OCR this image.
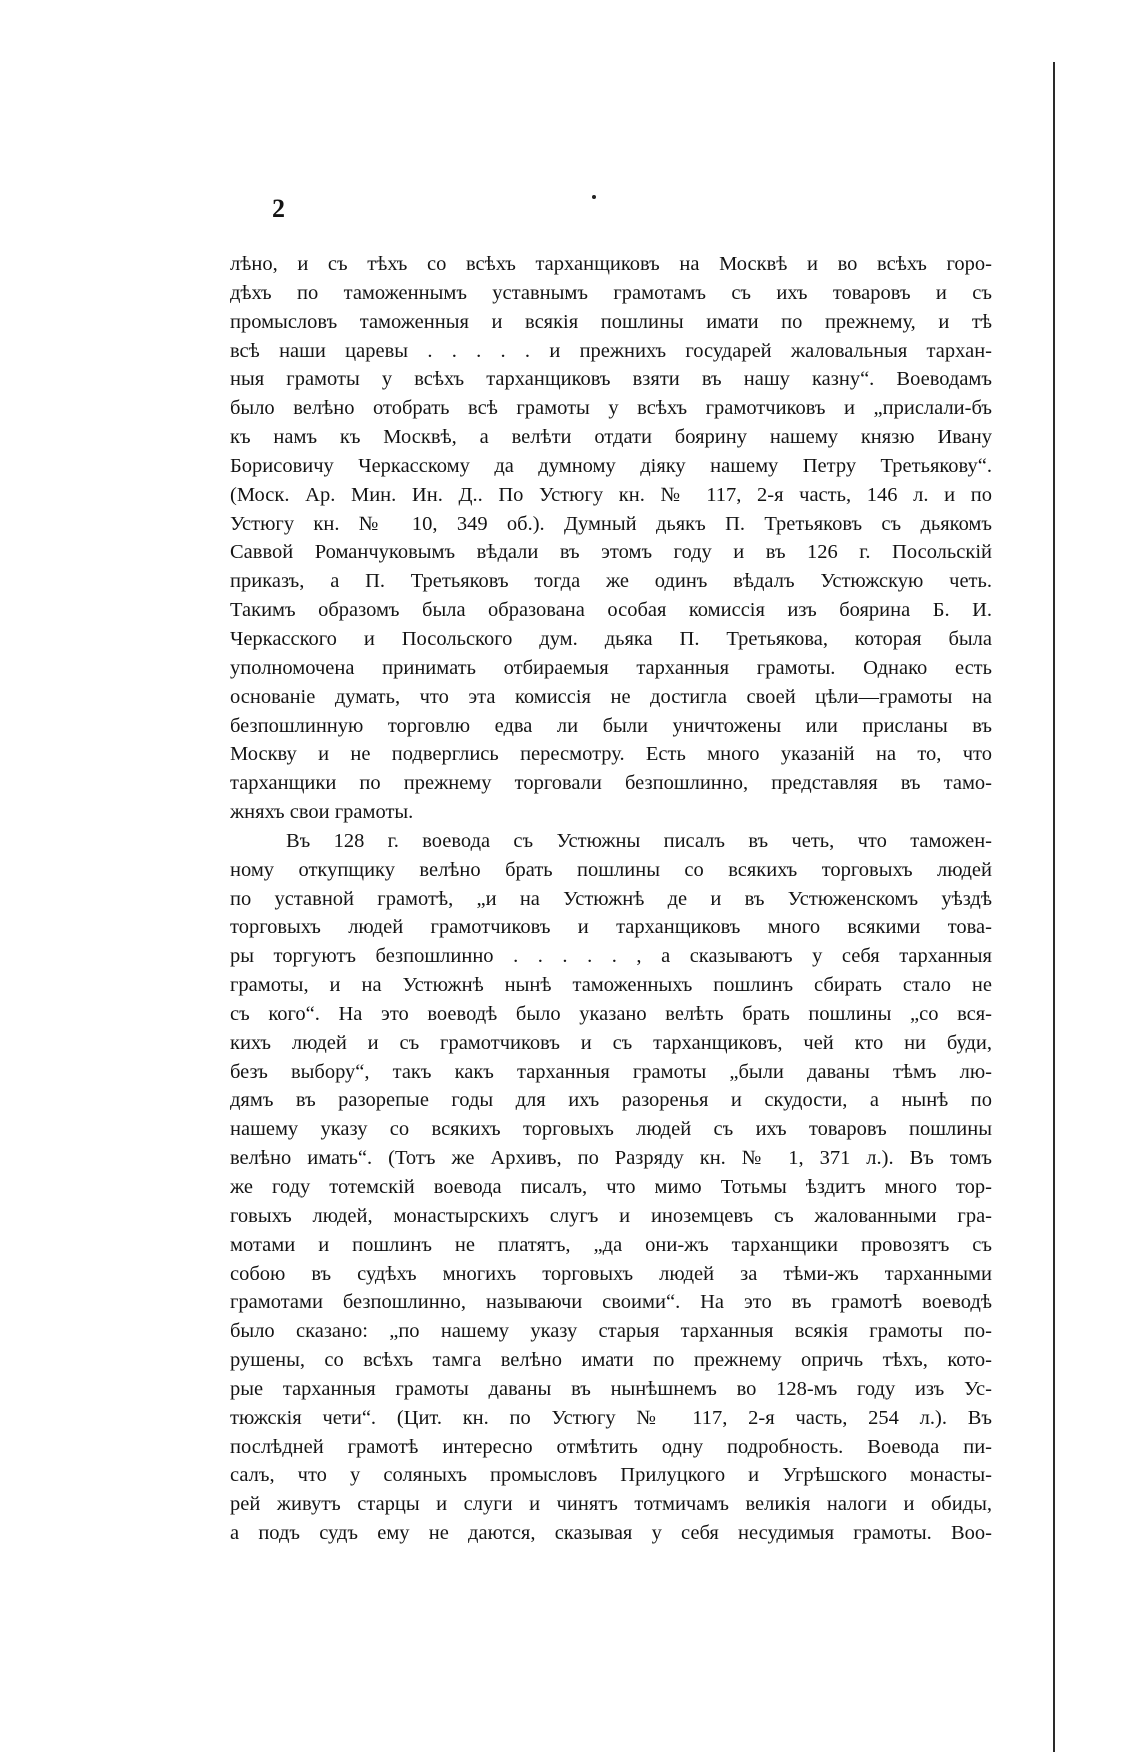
2
лѣно, и съ тѣхъ со всѣхъ тарханщиковъ на Москвѣ и во всѣхъ горо-
дѣхъ по таможеннымъ уставнымъ грамотамъ съ ихъ товаровъ и съ
промысловъ таможенныя и всякія пошлины имати по прежнему, и тѣ
всѣ наши царевы . . . . . и прежнихъ государей жаловальныя тархан-
ныя грамоты у всѣхъ тарханщиковъ взяти въ нашу казну“. Воеводамъ
было велѣно отобрать всѣ грамоты у всѣхъ грамотчиковъ и „прислали-бъ
къ намъ къ Москвѣ, а велѣти отдати боярину нашему князю Ивану
Борисовичу Черкасскому да думному діяку нашему Петру Третьякову“.
(Моск. Ар. Мин. Ин. Д.. По Устюгу кн. № 117, 2-я часть, 146 л. и по
Устюгу кн. № 10, 349 об.). Думный дьякъ П. Третьяковъ съ дьякомъ
Саввой Романчуковымъ вѣдали въ этомъ году и въ 126 г. Посольскій
приказъ, а П. Третьяковъ тогда же одинъ вѣдалъ Устюжскую четь.
Такимъ образомъ была образована особая комиссія изъ боярина Б. И.
Черкасского и Посольского дум. дьяка П. Третьякова, которая была
уполномочена принимать отбираемыя тарханныя грамоты. Однако есть
основаніе думать, что эта комиссія не достигла своей цѣли—грамоты на
безпошлинную торговлю едва ли были уничтожены или присланы въ
Москву и не подверглись пересмотру. Есть много указаній на то, что
тарханщики по прежнему торговали безпошлинно, представляя въ тамо-
жняхъ свои грамоты.
Въ 128 г. воевода съ Устюжны писалъ въ четь, что таможен-
ному откупщику велѣно брать пошлины со всякихъ торговыхъ людей
по уставной грамотѣ, „и на Устюжнѣ де и въ Устюженскомъ уѣздѣ
торговыхъ людей грамотчиковъ и тарханщиковъ много всякими това-
ры торгуютъ безпошлинно . . . . . , а сказываютъ у себя тарханныя
грамоты, и на Устюжнѣ нынѣ таможенныхъ пошлинъ сбирать стало не
съ кого“. На это воеводѣ было указано велѣть брать пошлины „со вся-
кихъ людей и съ грамотчиковъ и съ тарханщиковъ, чей кто ни буди,
безъ выбору“, такъ какъ тарханныя грамоты „были даваны тѣмъ лю-
дямъ въ разорепые годы для ихъ разоренья и скудости, а нынѣ по
нашему указу со всякихъ торговыхъ людей съ ихъ товаровъ пошлины
велѣно имать“. (Тотъ же Архивъ, по Разряду кн. № 1, 371 л.). Въ томъ
же году тотемскій воевода писалъ, что мимо Тотьмы ѣздитъ много тор-
говыхъ людей, монастырскихъ слугъ и иноземцевъ съ жалованными гра-
мотами и пошлинъ не платятъ, „да они-жъ тарханщики провозятъ съ
собою въ судѣхъ многихъ торговыхъ людей за тѣми-жъ тарханными
грамотами безпошлинно, называючи своими“. На это въ грамотѣ воеводѣ
было сказано: „по нашему указу старыя тарханныя всякія грамоты по-
рушены, со всѣхъ тамга велѣно имати по прежнему опричь тѣхъ, кото-
рые тарханныя грамоты даваны въ нынѣшнемъ во 128-мъ году изъ Ус-
тюжскія чети“. (Цит. кн. по Устюгу № 117, 2-я часть, 254 л.). Въ
послѣдней грамотѣ интересно отмѣтить одну подробность. Воевода пи-
салъ, что у соляныхъ промысловъ Прилуцкого и Угрѣшского монасты-
рей живутъ старцы и слуги и чинятъ тотмичамъ великія налоги и обиды,
а подъ судъ ему не даются, сказывая у себя несудимыя грамоты. Воо-
